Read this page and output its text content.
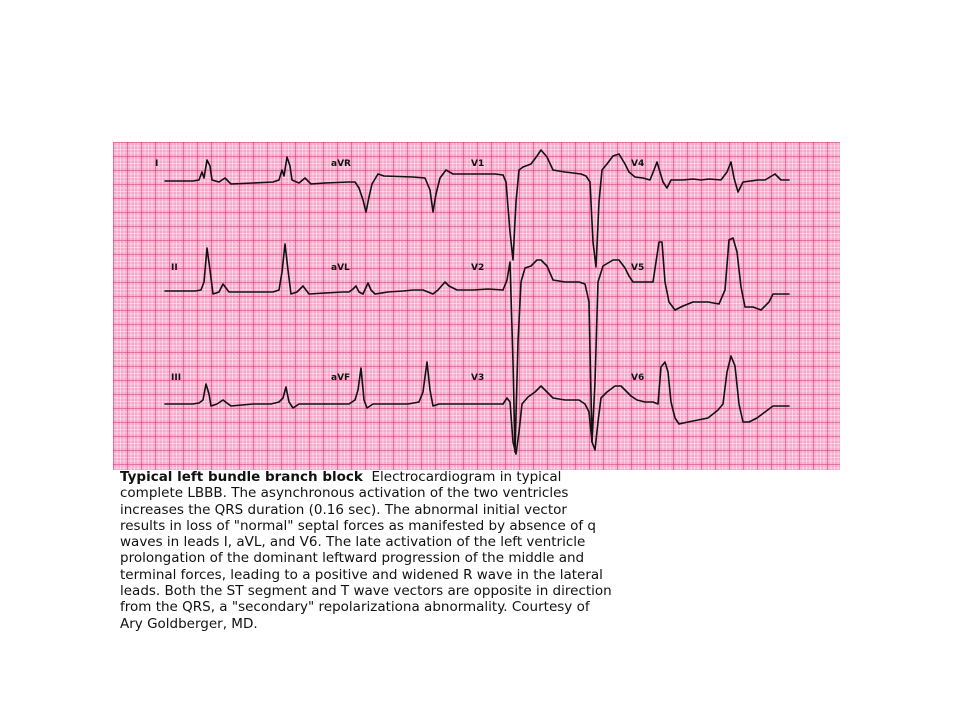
I	aVR	V1	V4
II	aVL	V2	V5
III	aVF	V3	V6
Typical left bundle branch block Electrocardiogram in typical
complete LBBB. The asynchronous activation of the two ventricles
increases the QRS duration (0.16 sec). The abnormal initial vector
results in loss of "normal" septal forces as manifested by absence of q
waves in leads I, aVL, and V6. The late activation of the left ventricle
prolongation of the dominant leftward progression of the middle and
terminal forces, leading to a positive and widened R wave in the lateral
leads. Both the ST segment and T wave vectors are opposite in direction
from the QRS, a "secondary" repolarizationa abnormality. Courtesy of
Ary Goldberger, MD.
